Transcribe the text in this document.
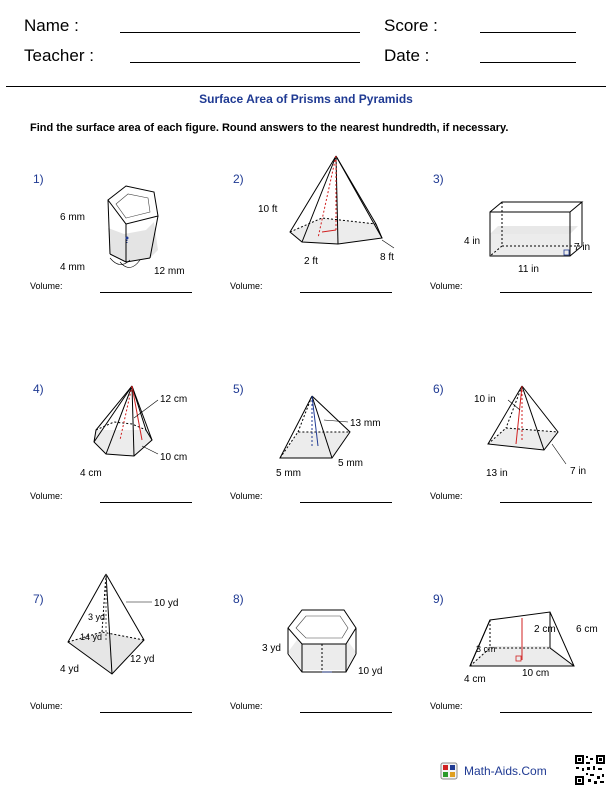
Name :	Score :
Teacher :	Date :
Surface Area of Prisms and Pyramids
Find the surface area of each figure. Round answers to the nearest hundredth, if necessary.
1)	2)	3)
4)	5)	6)
7)	8)	9)
Volume:	Volume:	Volume:
Volume:	Volume:	Volume:
Volume:	Volume:	Volume:
6 mm
4 mm	12 mm
10 ft
2 ft	8 ft
4 in
7 in
11 in
12 cm
10 cm
4 cm
13 mm
5 mm
5 mm
10 in
13 in	7 in
10 yd
3 yd
14 yd
12 yd
4 yd
3 yd
10 yd
2 cm 6 cm
3 cm
4 cm
10 cm
Math-Aids.Com
